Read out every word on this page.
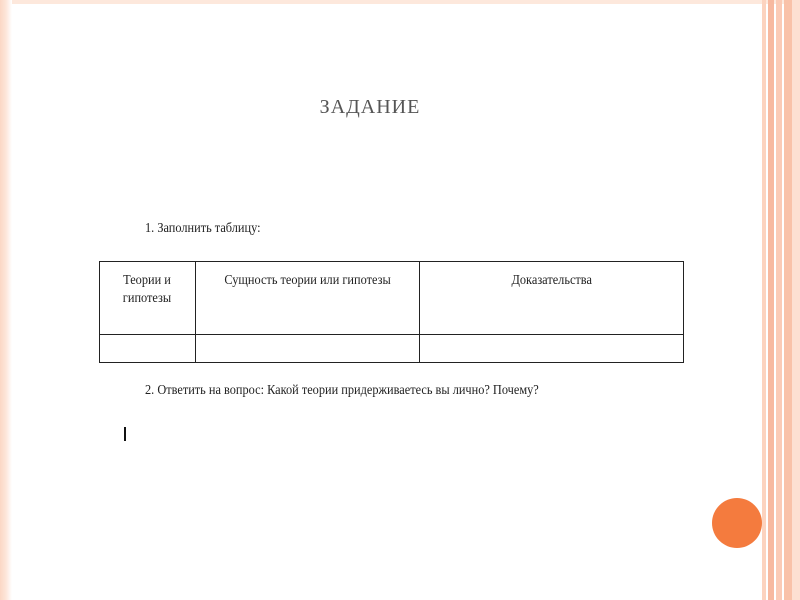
ЗАДАНИЕ
1. Заполнить таблицу:
Теории и гипотезы	Сущность теории или гипотезы	Доказательства

2. Ответить на вопрос: Какой теории придерживаетесь вы лично? Почему?
